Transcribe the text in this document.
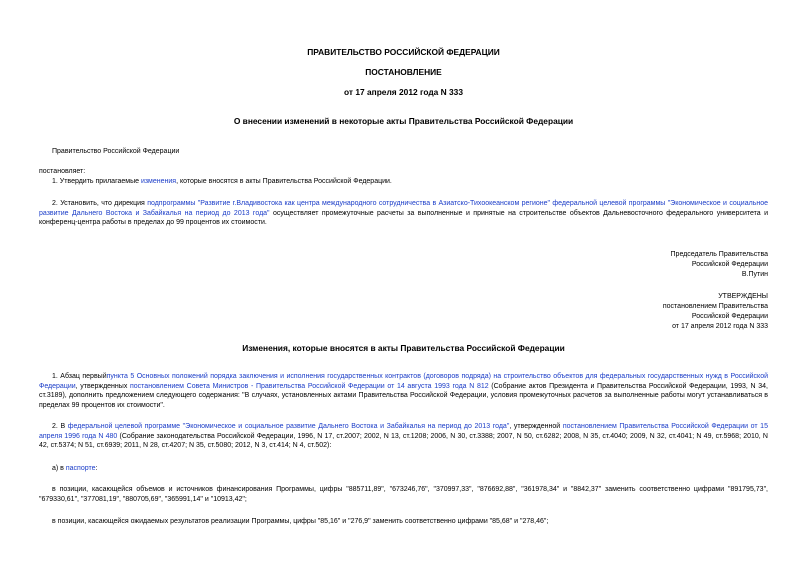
ПРАВИТЕЛЬСТВО РОССИЙСКОЙ ФЕДЕРАЦИИ
ПОСТАНОВЛЕНИЕ
от 17 апреля 2012 года N 333
О внесении изменений в некоторые акты Правительства Российской Федерации
Правительство Российской Федерации
постановляет:
1. Утвердить прилагаемые изменения, которые вносятся в акты Правительства Российской Федерации.
2. Установить, что дирекция подпрограммы "Развитие г.Владивостока как центра международного сотрудничества в Азиатско-Тихоокеанском регионе" федеральной целевой программы "Экономическое и социальное развитие Дальнего Востока и Забайкалья на период до 2013 года" осуществляет промежуточные расчеты за выполненные и принятые на строительстве объектов Дальневосточного федерального университета и конференц-центра работы в пределах до 99 процентов их стоимости.
Председатель Правительства
Российской Федерации
В.Путин
УТВЕРЖДЕНЫ
постановлением Правительства
Российской Федерации
от 17 апреля 2012 года N 333
Изменения, которые вносятся в акты Правительства Российской Федерации
1. Абзац первыйпункта 5 Основных положений порядка заключения и исполнения государственных контрактов (договоров подряда) на строительство объектов для федеральных государственных нужд в Российской Федерации, утвержденных постановлением Совета Министров - Правительства Российской Федерации от 14 августа 1993 года N 812 (Собрание актов Президента и Правительства Российской Федерации, 1993, N 34, ст.3189), дополнить предложением следующего содержания: "В случаях, установленных актами Правительства Российской Федерации, условия промежуточных расчетов за выполненные работы могут устанавливаться в пределах 99 процентов их стоимости".
2. В федеральной целевой программе "Экономическое и социальное развитие Дальнего Востока и Забайкалья на период до 2013 года", утвержденной постановлением Правительства Российской Федерации от 15 апреля 1996 года N 480 (Собрание законодательства Российской Федерации, 1996, N 17, ст.2007; 2002, N 13, ст.1208; 2006, N 30, ст.3388; 2007, N 50, ст.6282; 2008, N 35, ст.4040; 2009, N 32, ст.4041; N 49, ст.5968; 2010, N 42, ст.5374; N 51, ст.6939; 2011, N 28, ст.4207; N 35, ст.5080; 2012, N 3, ст.414; N 4, ст.502):
а) в паспорте:
в позиции, касающейся объемов и источников финансирования Программы, цифры "885711,89", "673246,76", "370997,33", "876692,88", "361978,34" и "8842,37" заменить соответственно цифрами "891795,73", "679330,61", "377081,19", "880705,69", "365991,14" и "10913,42";
в позиции, касающейся ожидаемых результатов реализации Программы, цифры "85,16" и "276,9" заменить соответственно цифрами "85,68" и "278,46";
